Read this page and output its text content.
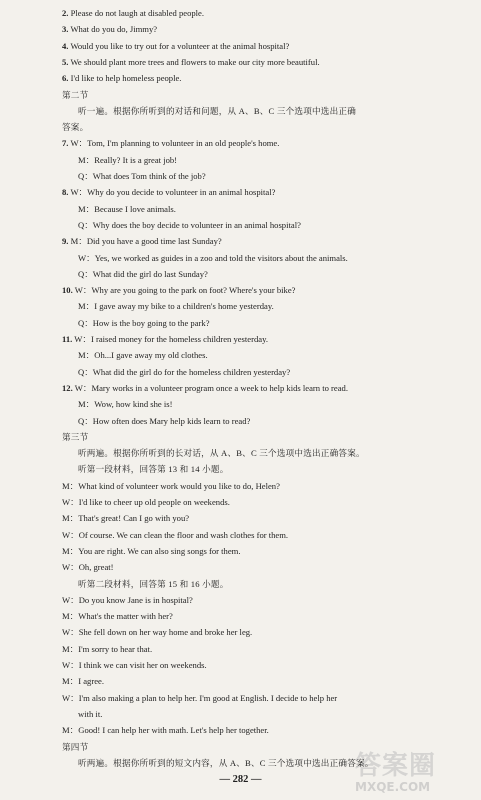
— 282 —	答案圈
MXQE.COM
2. Please do not laugh at disabled people.
3. What do you do, Jimmy?
4. Would you like to try out for a volunteer at the animal hospital?
5. We should plant more trees and flowers to make our city more beautiful.
6. I'd like to help homeless people.
第二节
听一遍。根据你所听到的对话和问题，从 A、B、C 三个选项中选出正确
答案。
7. W：Tom, I'm planning to volunteer in an old people's home.
M：Really? It is a great job!
Q：What does Tom think of the job?
8. W：Why do you decide to volunteer in an animal hospital?
M：Because I love animals.
Q：Why does the boy decide to volunteer in an animal hospital?
9. M：Did you have a good time last Sunday?
W：Yes, we worked as guides in a zoo and told the visitors about the animals.
Q：What did the girl do last Sunday?
10. W：Why are you going to the park on foot? Where's your bike?
M：I gave away my bike to a children's home yesterday.
Q：How is the boy going to the park?
11. W：I raised money for the homeless children yesterday.
M：Oh...I gave away my old clothes.
Q：What did the girl do for the homeless children yesterday?
12. W：Mary works in a volunteer program once a week to help kids learn to read.
M：Wow, how kind she is!
Q：How often does Mary help kids learn to read?
第三节
听两遍。根据你所听到的长对话，从 A、B、C 三个选项中选出正确答案。
听第一段材料，回答第 13 和 14 小题。
M：What kind of volunteer work would you like to do, Helen?
W：I'd like to cheer up old people on weekends.
M：That's great! Can I go with you?
W：Of course. We can clean the floor and wash clothes for them.
M：You are right. We can also sing songs for them.
W：Oh, great!
听第二段材料，回答第 15 和 16 小题。
W：Do you know Jane is in hospital?
M：What's the matter with her?
W：She fell down on her way home and broke her leg.
M：I'm sorry to hear that.
W：I think we can visit her on weekends.
M：I agree.
W：I'm also making a plan to help her. I'm good at English. I decide to help her
with it.
M：Good! I can help her with math. Let's help her together.
第四节
听两遍。根据你所听到的短文内容，从 A、B、C 三个选项中选出正确答案。
